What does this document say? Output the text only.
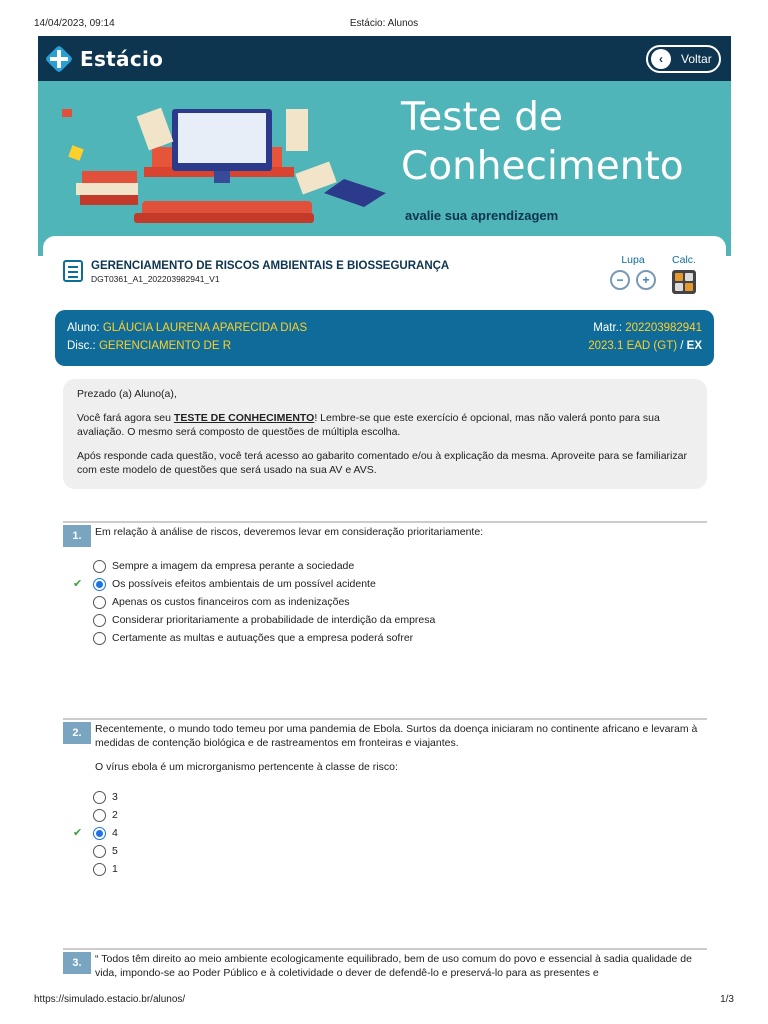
14/04/2023, 09:14	Estácio: Alunos
Estácio	‹	Voltar
Teste de
Conhecimento
avalie sua aprendizagem
GERENCIAMENTO DE RISCOS AMBIENTAIS E BIOSSEGURANÇA
DGT0361_A1_202203982941_V1
Lupa
−	+
Calc.
Aluno: GLÁUCIA LAURENA APARECIDA DIAS	Matr.: 202203982941
Disc.: GERENCIAMENTO DE R	2023.1 EAD (GT) / EX

Prezado (a) Aluno(a),

Você fará agora seu TESTE DE CONHECIMENTO! Lembre-se que este exercício é opcional, mas não valerá ponto para sua avaliação. O mesmo será composto de questões de múltipla escolha.

Após responde cada questão, você terá acesso ao gabarito comentado e/ou à explicação da mesma. Aproveite para se familiarizar com este modelo de questões que será usado na sua AV e AVS.

1.	Em relação à análise de riscos, deveremos levar em consideração prioritariamente:
Sempre a imagem da empresa perante a sociedade
✔	Os possíveis efeitos ambientais de um possível acidente
Apenas os custos financeiros com as indenizações
Considerar prioritariamente a probabilidade de interdição da empresa
Certamente as multas e autuações que a empresa poderá sofrer
2.	Recentemente, o mundo todo temeu por uma pandemia de Ebola. Surtos da doença iniciaram no continente africano e levaram à medidas de contenção biológica e de rastreamentos em fronteiras e viajantes.
O vírus ebola é um microrganismo pertencente à classe de risco:
3
2
✔	4
5
1
3.	“ Todos têm direito ao meio ambiente ecologicamente equilibrado, bem de uso comum do povo e essencial à sadia qualidade de vida, impondo-se ao Poder Público e à coletividade o dever de defendê-lo e preservá-lo para as presentes e
https://simulado.estacio.br/alunos/	1/3
